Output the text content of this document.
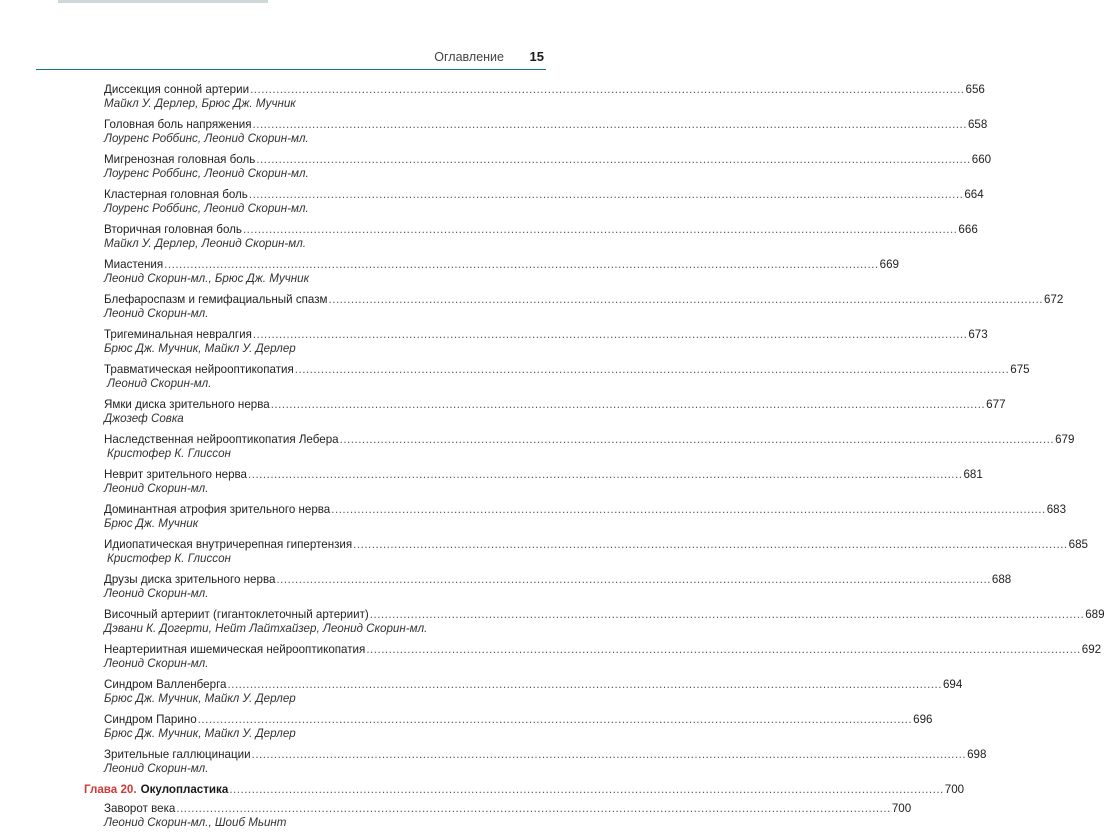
Оглавление 15
Диссекция сонной артерии .....	656
Майкл У. Дерлер, Брюс Дж. Мучник
Головная боль напряжения .....	658
Лоуренс Роббинс, Леонид Скорин-мл.
Мигренозная головная боль .....	660
Лоуренс Роббинс, Леонид Скорин-мл.
Кластерная головная боль .....	664
Лоуренс Роббинс, Леонид Скорин-мл.
Вторичная головная боль .....	666
Майкл У. Дерлер, Леонид Скорин-мл.
Миастения .....	669
Леонид Скорин-мл., Брюс Дж. Мучник
Блефароспазм и гемифациальный спазм .....	672
Леонид Скорин-мл.
Тригеминальная невралгия .....	673
Брюс Дж. Мучник, Майкл У. Дерлер
Травматическая нейрооптикопатия .....	675
Леонид Скорин-мл.
Ямки диска зрительного нерва .....	677
Джозеф Совка
Наследственная нейрооптикопатия Лебера .....	679
Кристофер К. Глиссон
Неврит зрительного нерва .....	681
Леонид Скорин-мл.
Доминантная атрофия зрительного нерва .....	683
Брюс Дж. Мучник
Идиопатическая внутричерепная гипертензия .....	685
Кристофер К. Глиссон
Друзы диска зрительного нерва .....	688
Леонид Скорин-мл.
Височный артериит (гигантоклеточный артериит) .....	689
Дэвани К. Догерти, Нейт Лайтхайзер, Леонид Скорин-мл.
Неартериитная ишемическая нейрооптикопатия .....	692
Леонид Скорин-мл.
Синдром Валленберга .....	694
Брюс Дж. Мучник, Майкл У. Дерлер
Синдром Парино .....	696
Брюс Дж. Мучник, Майкл У. Дерлер
Зрительные галлюцинации .....	698
Леонид Скорин-мл.
Глава 20. Окулопластика .....	700
Заворот века .....	700
Леонид Скорин-мл., Шоиб Мьинт
